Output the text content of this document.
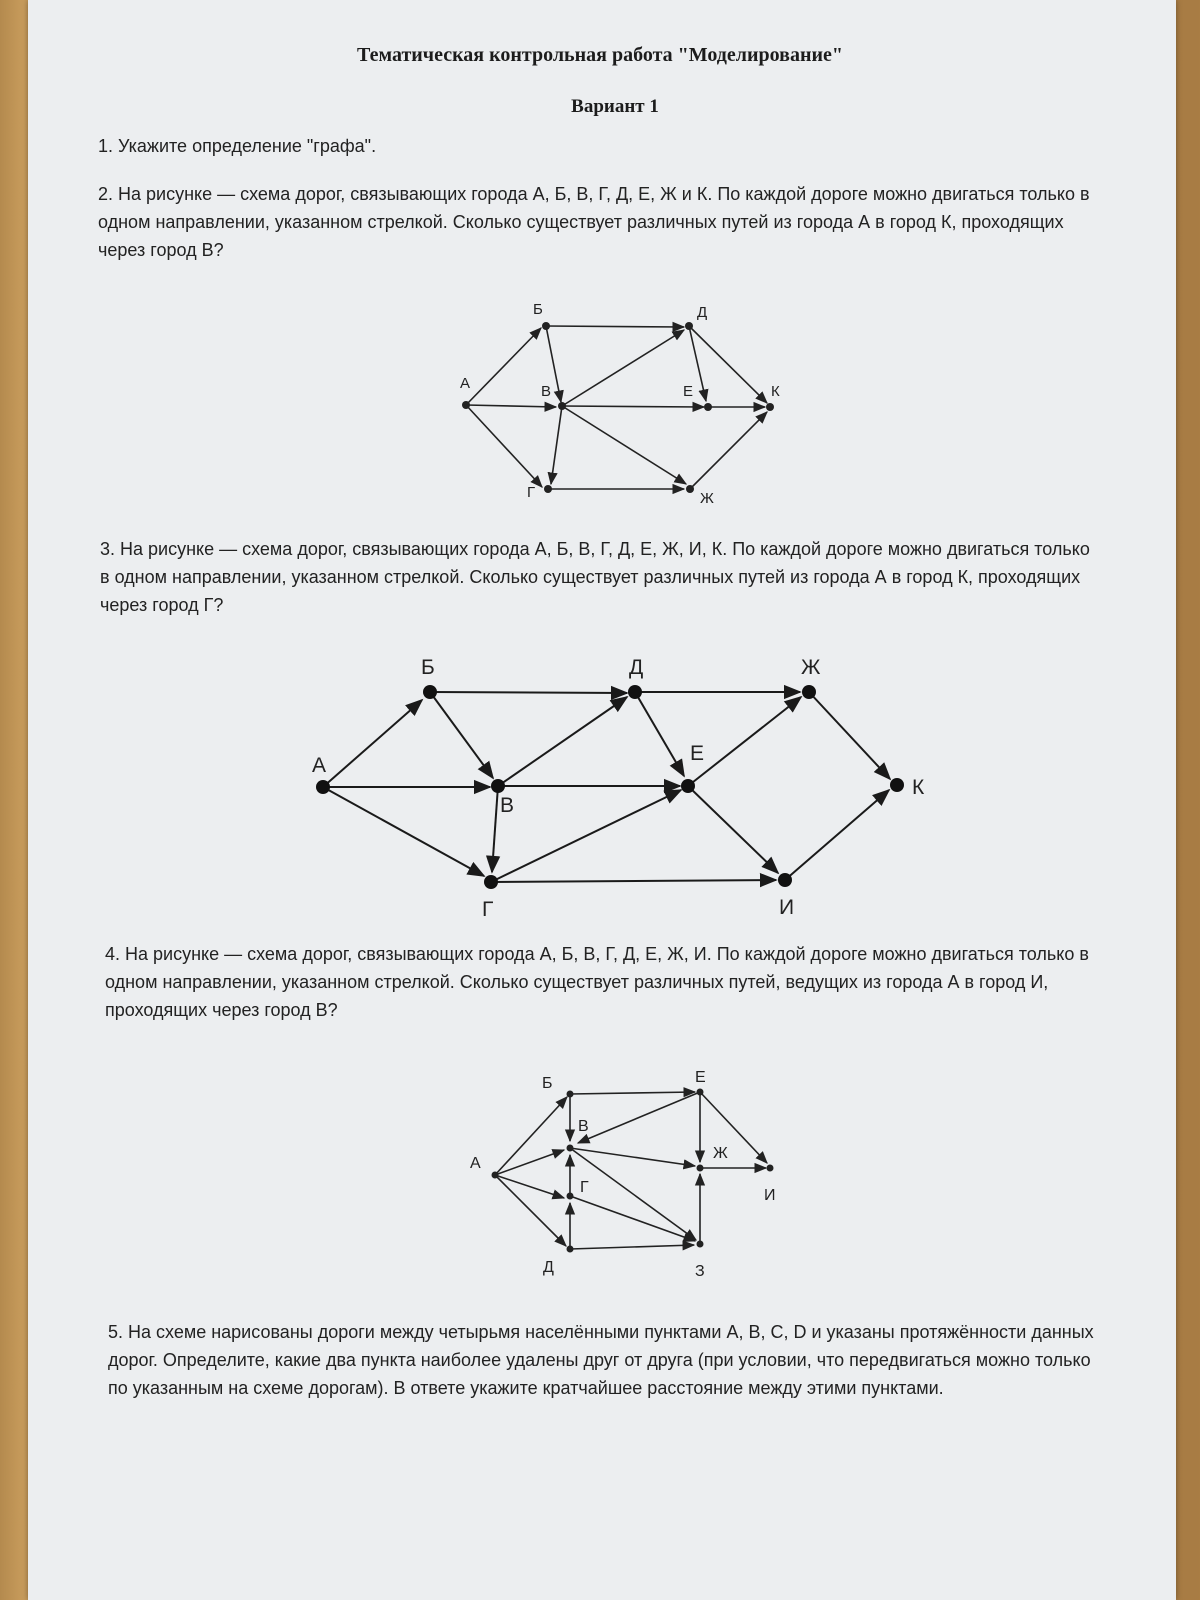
Тематическая контрольная работа "Моделирование"
Вариант 1
1. Укажите определение "графа".
2. На рисунке — схема дорог, связывающих города А, Б, В, Г, Д, Е, Ж и К. По каждой дороге можно двигаться только в одном направлении, указанном стрелкой. Сколько существует различных путей из города А в город К, проходящих через город В?
А
Б
В
Г
Д
Е
Ж
К
3. На рисунке — схема дорог, связывающих города А, Б, В, Г, Д, Е, Ж, И, К. По каждой дороге можно двигаться только в одном направлении, указанном стрелкой. Сколько существует различных путей из города А в город К, проходящих через город Г?
А
Б
В
Г
Д
Е
Ж
И
К
4. На рисунке — схема дорог, связывающих города А, Б, В, Г, Д, Е, Ж, И. По каждой дороге можно двигаться только в одном направлении, указанном стрелкой. Сколько существует различных путей, ведущих из города А в город И, проходящих через город В?
А
Б
В
Г
Д
Е
Ж
З
И
5. На схеме нарисованы дороги между четырьмя населёнными пунктами A, B, C, D и указаны протяжённости данных дорог. Определите, какие два пункта наиболее удалены друг от друга (при условии, что передвигаться можно только по указанным на схеме дорогам). В ответе укажите кратчайшее расстояние между этими пунктами.
